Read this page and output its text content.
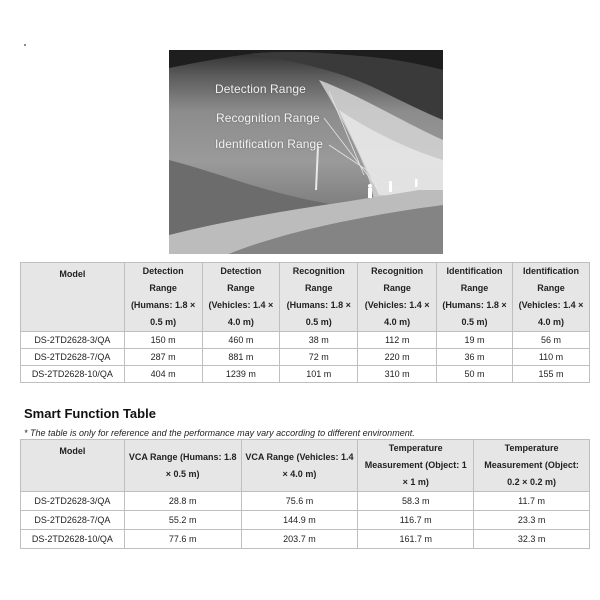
Detection Range
Recognition Range
Identification Range
Model	Detection Range (Humans: 1.8 × 0.5 m)	Detection Range (Vehicles: 1.4 × 4.0 m)	Recognition Range (Humans: 1.8 × 0.5 m)	Recognition Range (Vehicles: 1.4 × 4.0 m)	Identification Range (Humans: 1.8 × 0.5 m)	Identification Range (Vehicles: 1.4 × 4.0 m)
DS-2TD2628-3/QA	150 m	460 m	38 m	112 m	19 m	56 m
DS-2TD2628-7/QA	287 m	881 m	72 m	220 m	36 m	110 m
DS-2TD2628-10/QA	404 m	1239 m	101 m	310 m	50 m	155 m
Smart Function Table
* The table is only for reference and the performance may vary according to different environment.
Model	VCA Range (Humans: 1.8 × 0.5 m)	VCA Range (Vehicles: 1.4 × 4.0 m)	Temperature Measurement (Object: 1 × 1 m)	Temperature Measurement (Object: 0.2 × 0.2 m)
DS-2TD2628-3/QA	28.8 m	75.6 m	58.3 m	11.7 m
DS-2TD2628-7/QA	55.2 m	144.9 m	116.7 m	23.3 m
DS-2TD2628-10/QA	77.6 m	203.7 m	161.7 m	32.3 m
